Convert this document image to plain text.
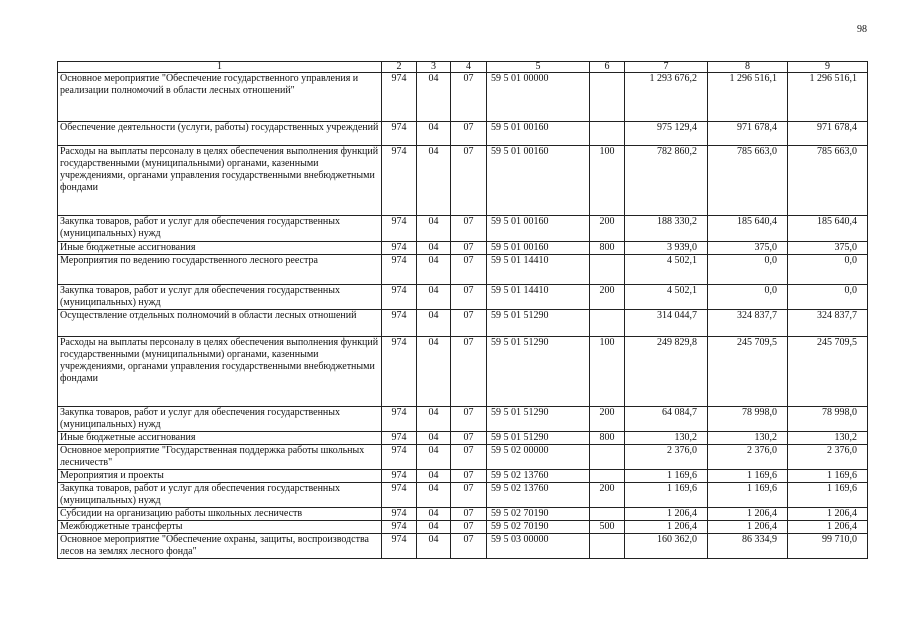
98
1	2	3	4	5	6	7	8	9
Основное мероприятие "Обеспечение государственного управления и реализации полномочий в области лесных отношений"	974	04	07	59 5 01 00000		1 293 676,2	1 296 516,1	1 296 516,1
Обеспечение деятельности (услуги, работы) государственных учреждений	974	04	07	59 5 01 00160		975 129,4	971 678,4	971 678,4
Расходы на выплаты персоналу в целях обеспечения выполнения функций государственными (муниципальными) органами, казенными учреждениями, органами управления государственными внебюджетными фондами	974	04	07	59 5 01 00160	100	782 860,2	785 663,0	785 663,0
Закупка товаров, работ и услуг для обеспечения государственных (муниципальных) нужд	974	04	07	59 5 01 00160	200	188 330,2	185 640,4	185 640,4
Иные бюджетные ассигнования	974	04	07	59 5 01 00160	800	3 939,0	375,0	375,0
Мероприятия по ведению государственного лесного реестра	974	04	07	59 5 01 14410		4 502,1	0,0	0,0
Закупка товаров, работ и услуг для обеспечения государственных (муниципальных) нужд	974	04	07	59 5 01 14410	200	4 502,1	0,0	0,0
Осуществление отдельных полномочий в области лесных отношений	974	04	07	59 5 01 51290		314 044,7	324 837,7	324 837,7
Расходы на выплаты персоналу в целях обеспечения выполнения функций государственными (муниципальными) органами, казенными учреждениями, органами управления государственными внебюджетными фондами	974	04	07	59 5 01 51290	100	249 829,8	245 709,5	245 709,5
Закупка товаров, работ и услуг для обеспечения государственных (муниципальных) нужд	974	04	07	59 5 01 51290	200	64 084,7	78 998,0	78 998,0
Иные бюджетные ассигнования	974	04	07	59 5 01 51290	800	130,2	130,2	130,2
Основное мероприятие "Государственная поддержка работы школьных лесничеств"	974	04	07	59 5 02 00000		2 376,0	2 376,0	2 376,0
Мероприятия и проекты	974	04	07	59 5 02 13760		1 169,6	1 169,6	1 169,6
Закупка товаров, работ и услуг для обеспечения государственных (муниципальных) нужд	974	04	07	59 5 02 13760	200	1 169,6	1 169,6	1 169,6
Субсидии на организацию работы школьных лесничеств	974	04	07	59 5 02 70190		1 206,4	1 206,4	1 206,4
Межбюджетные трансферты	974	04	07	59 5 02 70190	500	1 206,4	1 206,4	1 206,4
Основное мероприятие "Обеспечение охраны, защиты, воспроизводства лесов на землях лесного фонда"	974	04	07	59 5 03 00000		160 362,0	86 334,9	99 710,0
